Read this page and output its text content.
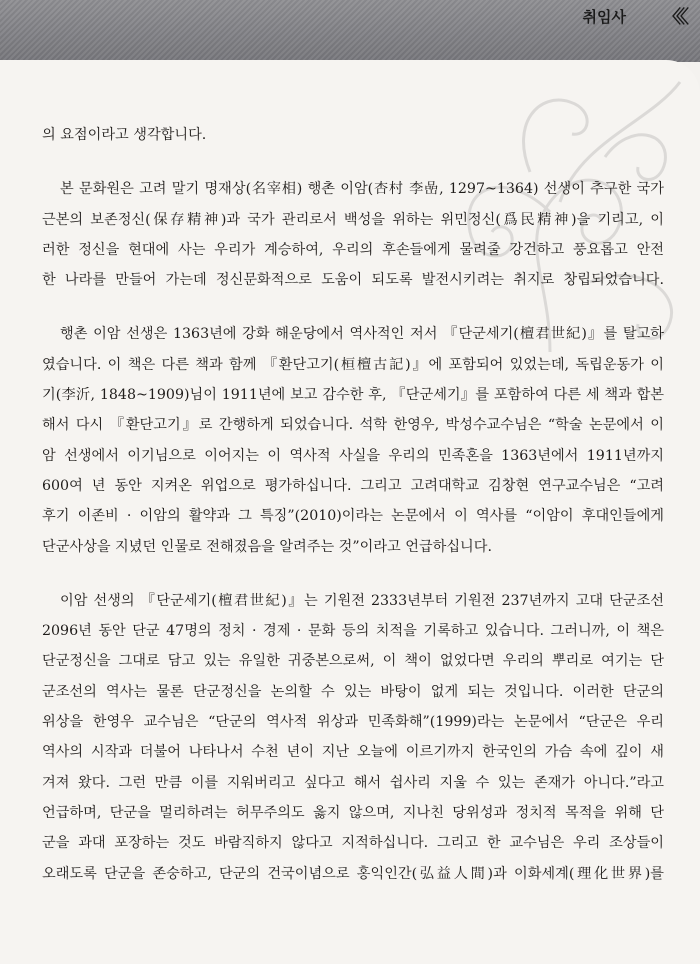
취임사 〈〈〈
의 요점이라고 생각합니다.
본 문화원은 고려 말기 명재상(名宰相) 행촌 이암(杏村 李嵒, 1297~1364) 선생이 추구한 국가
근본의 보존정신(保存精神)과 국가 관리로서 백성을 위하는 위민정신(爲民精神)을 기리고, 이
러한 정신을 현대에 사는 우리가 계승하여, 우리의 후손들에게 물려줄 강건하고 풍요롭고 안전
한 나라를 만들어 가는데 정신문화적으로 도움이 되도록 발전시키려는 취지로 창립되었습니다.
행촌 이암 선생은 1363년에 강화 해운당에서 역사적인 저서 『단군세기(檀君世紀)』를 탈고하
였습니다. 이 책은 다른 책과 함께 『환단고기(桓檀古記)』에 포함되어 있었는데, 독립운동가 이
기(李沂, 1848~1909)님이 1911년에 보고 감수한 후, 『단군세기』를 포함하여 다른 세 책과 합본
해서 다시 『환단고기』로 간행하게 되었습니다. 석학 한영우, 박성수교수님은 “학술 논문에서 이
암 선생에서 이기님으로 이어지는 이 역사적 사실을 우리의 민족혼을 1363년에서 1911년까지
600여 년 동안 지켜온 위업으로 평가하십니다. 그리고 고려대학교 김창현 연구교수님은 “고려
후기 이존비 · 이암의 활약과 그 특징”(2010)이라는 논문에서 이 역사를 “이암이 후대인들에게
단군사상을 지녔던 인물로 전해졌음을 알려주는 것”이라고 언급하십니다.
이암 선생의 『단군세기(檀君世紀)』는 기원전 2333년부터 기원전 237년까지 고대 단군조선
2096년 동안 단군 47명의 정치 · 경제 · 문화 등의 치적을 기록하고 있습니다. 그러니까, 이 책은
단군정신을 그대로 담고 있는 유일한 귀중본으로써, 이 책이 없었다면 우리의 뿌리로 여기는 단
군조선의 역사는 물론 단군정신을 논의할 수 있는 바탕이 없게 되는 것입니다. 이러한 단군의
위상을 한영우 교수님은 “단군의 역사적 위상과 민족화해”(1999)라는 논문에서 “단군은 우리
역사의 시작과 더불어 나타나서 수천 년이 지난 오늘에 이르기까지 한국인의 가슴 속에 깊이 새
겨져 왔다. 그런 만큼 이를 지워버리고 싶다고 해서 쉽사리 지울 수 있는 존재가 아니다.”라고
언급하며, 단군을 멀리하려는 허무주의도 옳지 않으며, 지나친 당위성과 정치적 목적을 위해 단
군을 과대 포장하는 것도 바람직하지 않다고 지적하십니다. 그리고 한 교수님은 우리 조상들이
오래도록 단군을 존숭하고, 단군의 건국이념으로 홍익인간(弘益人間)과 이화세계(理化世界)를
